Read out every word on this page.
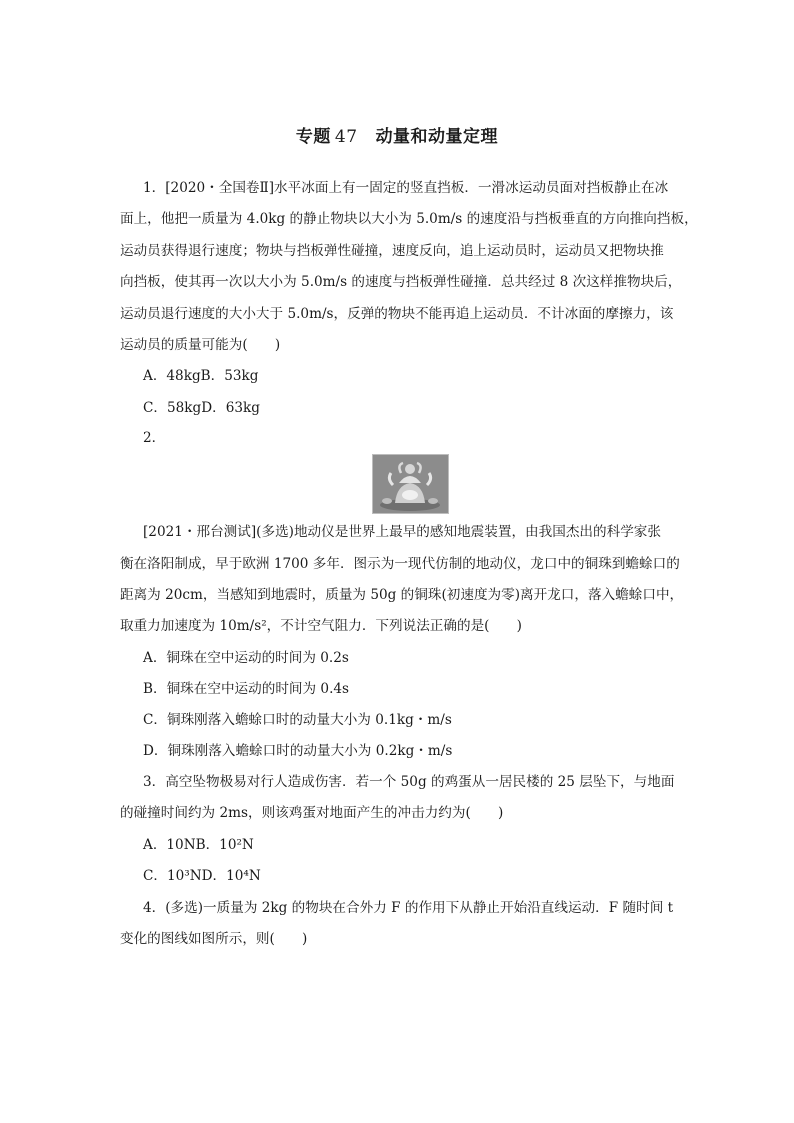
专题 47 动量和动量定理
1．[2020・全国卷Ⅱ]水平冰面上有一固定的竖直挡板．一滑冰运动员面对挡板静止在冰
面上，他把一质量为 4.0kg 的静止物块以大小为 5.0m/s 的速度沿与挡板垂直的方向推向挡板，
运动员获得退行速度；物块与挡板弹性碰撞，速度反向，追上运动员时，运动员又把物块推
向挡板，使其再一次以大小为 5.0m/s 的速度与挡板弹性碰撞．总共经过 8 次这样推物块后，
运动员退行速度的大小大于 5.0m/s，反弹的物块不能再追上运动员．不计冰面的摩擦力，该
运动员的质量可能为(　　)
A．48kgB．53kg
C．58kgD．63kg
2．
[2021・邢台测试](多选)地动仪是世界上最早的感知地震装置，由我国杰出的科学家张
衡在洛阳制成，早于欧洲 1700 多年．图示为一现代仿制的地动仪，龙口中的铜珠到蟾蜍口的
距离为 20cm，当感知到地震时，质量为 50g 的铜珠(初速度为零)离开龙口，落入蟾蜍口中，
取重力加速度为 10m/s²，不计空气阻力．下列说法正确的是(　　)
A．铜珠在空中运动的时间为 0.2s
B．铜珠在空中运动的时间为 0.4s
C．铜珠刚落入蟾蜍口时的动量大小为 0.1kg・m/s
D．铜珠刚落入蟾蜍口时的动量大小为 0.2kg・m/s
3．高空坠物极易对行人造成伤害．若一个 50g 的鸡蛋从一居民楼的 25 层坠下，与地面
的碰撞时间约为 2ms，则该鸡蛋对地面产生的冲击力约为(　　)
A．10NB．10²N
C．10³ND．10⁴N
4．(多选)一质量为 2kg 的物块在合外力 F 的作用下从静止开始沿直线运动．F 随时间 t
变化的图线如图所示，则(　　)
